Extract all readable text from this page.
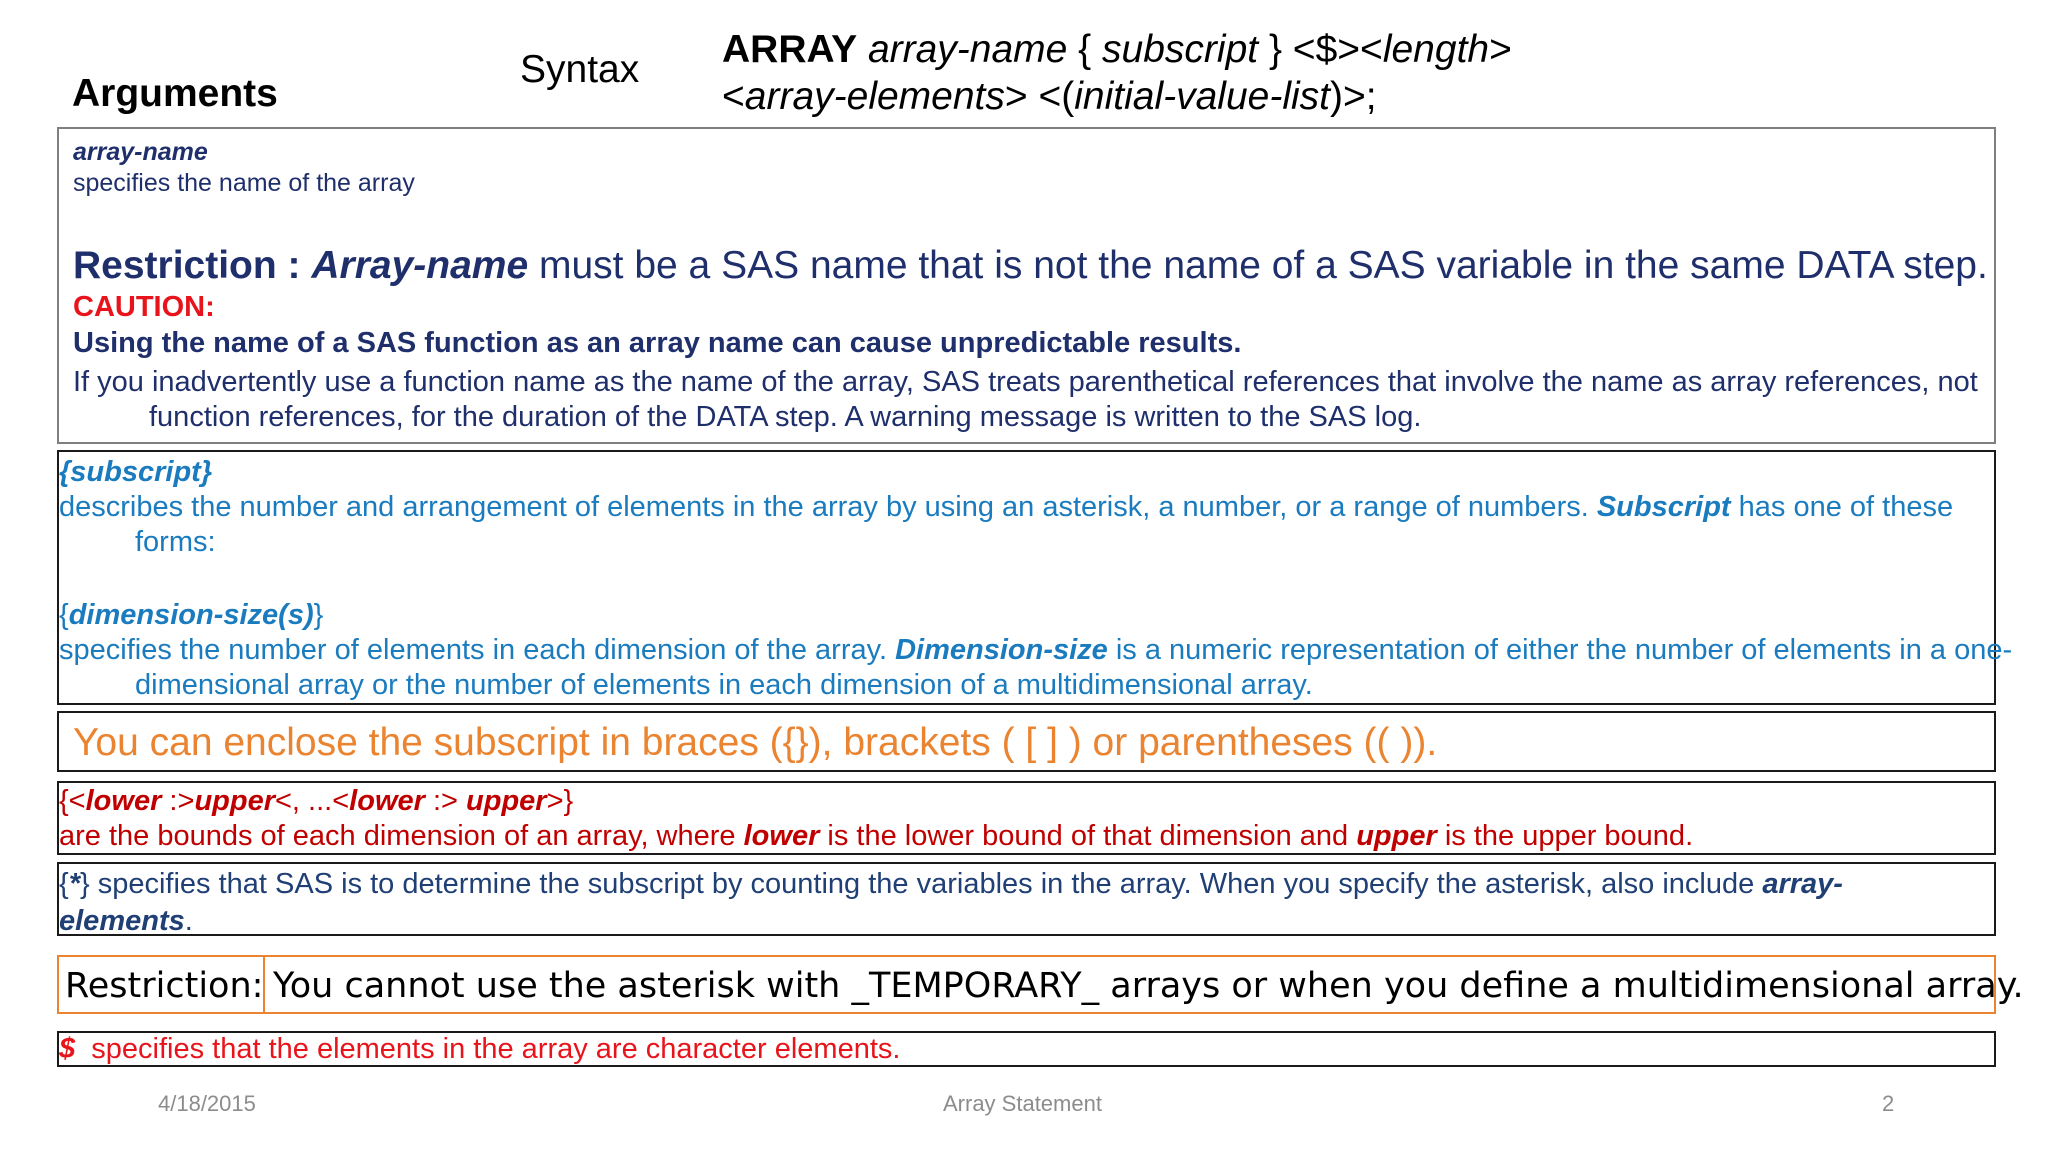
Arguments
Syntax ARRAY array-name { subscript } <$><length>
<array-elements> <(initial-value-list)>;
array-name
specifies the name of the array
Restriction : Array-name must be a SAS name that is not the name of a SAS variable in the same DATA step.
CAUTION:
Using the name of a SAS function as an array name can cause unpredictable results.
If you inadvertently use a function name as the name of the array, SAS treats parenthetical references that involve the name as array references, not function references, for the duration of the DATA step. A warning message is written to the SAS log.
{subscript}
describes the number and arrangement of elements in the array by using an asterisk, a number, or a range of numbers. Subscript has one of these forms:
{dimension-size(s)}
specifies the number of elements in each dimension of the array. Dimension-size is a numeric representation of either the number of elements in a one-dimensional array or the number of elements in each dimension of a multidimensional array.
You can enclose the subscript in braces ({}), brackets ( [ ] ) or parentheses (( )).
{<lower :>upper<, ...<lower :> upper>}
are the bounds of each dimension of an array, where lower is the lower bound of that dimension and upper is the upper bound.
{*} specifies that SAS is to determine the subscript by counting the variables in the array. When you specify the asterisk, also include array-elements.
Restriction: You cannot use the asterisk with _TEMPORARY_ arrays or when you define a multidimensional array.
$  specifies that the elements in the array are character elements.
4/18/2015	Array Statement	2
